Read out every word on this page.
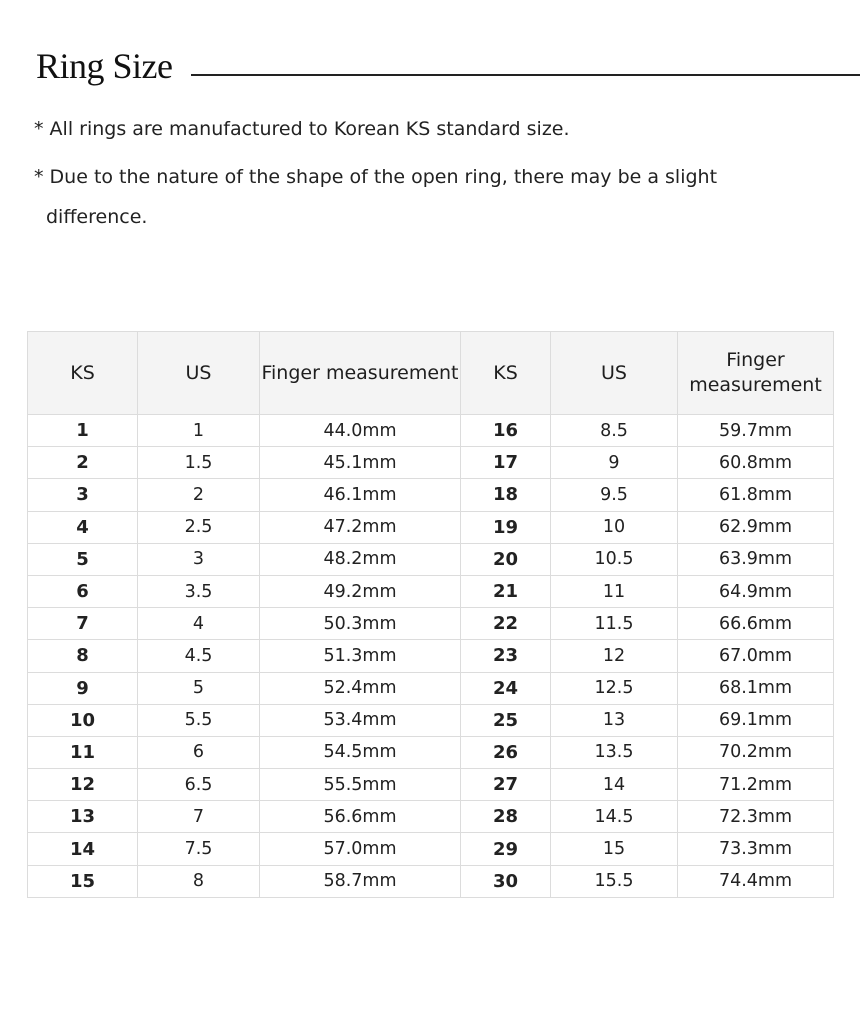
Ring Size

* All rings are manufactured to Korean KS standard size.

* Due to the nature of the shape of the open ring, there may be a slight difference.

KS	US	Finger measurement	KS	US	Finger measurement
1	1	44.0mm	16	8.5	59.7mm
2	1.5	45.1mm	17	9	60.8mm
3	2	46.1mm	18	9.5	61.8mm
4	2.5	47.2mm	19	10	62.9mm
5	3	48.2mm	20	10.5	63.9mm
6	3.5	49.2mm	21	11	64.9mm
7	4	50.3mm	22	11.5	66.6mm
8	4.5	51.3mm	23	12	67.0mm
9	5	52.4mm	24	12.5	68.1mm
10	5.5	53.4mm	25	13	69.1mm
11	6	54.5mm	26	13.5	70.2mm
12	6.5	55.5mm	27	14	71.2mm
13	7	56.6mm	28	14.5	72.3mm
14	7.5	57.0mm	29	15	73.3mm
15	8	58.7mm	30	15.5	74.4mm
